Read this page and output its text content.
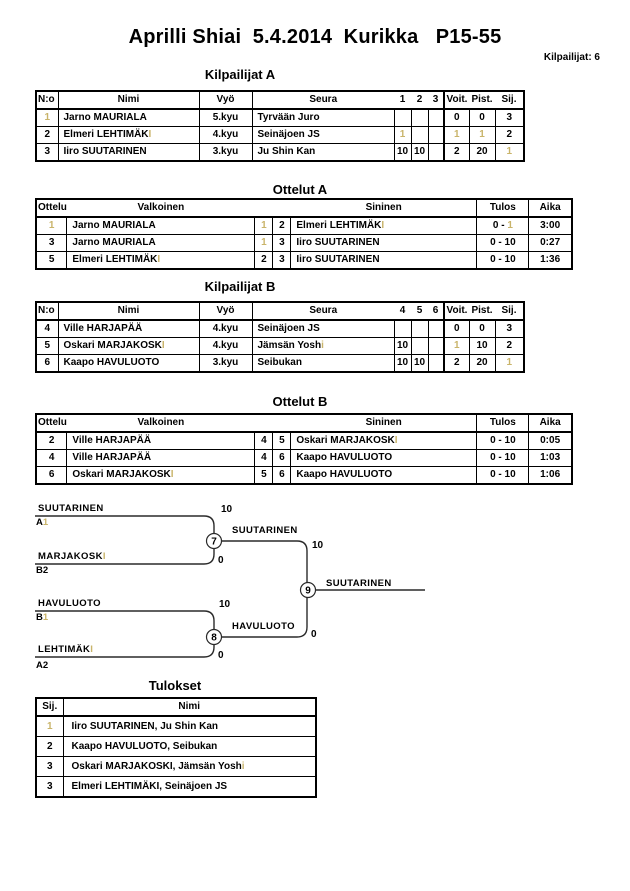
Aprilli Shiai  5.4.2014  Kurikka   P15-55
Kilpailijat: 6
Kilpailijat A
N:o	Nimi	Vyö	Seura	1	2	3	Voit.	Pist.	Sij.
1	Jarno MAURIALA	5.kyu	Tyrvään Juro				0	0	3
2	Elmeri LEHTIMÄKI	4.kyu	Seinäjoen JS	1			1	1	2
3	Iiro SUUTARINEN	3.kyu	Ju Shin Kan	10	10		2	20	1
Ottelut A
Ottelu	Valkoinen			Sininen	Tulos	Aika
1	Jarno MAURIALA	1	2	Elmeri LEHTIMÄKI	0 - 1	3:00
3	Jarno MAURIALA	1	3	Iiro SUUTARINEN	0 - 10	0:27
5	Elmeri LEHTIMÄKI	2	3	Iiro SUUTARINEN	0 - 10	1:36
Kilpailijat B
N:o	Nimi	Vyö	Seura	4	5	6	Voit.	Pist.	Sij.
4	Ville HARJAPÄÄ	4.kyu	Seinäjoen JS				0	0	3
5	Oskari MARJAKOSKI	4.kyu	Jämsän Yoshi	10			1	10	2
6	Kaapo HAVULUOTO	3.kyu	Seibukan	10	10		2	20	1
Ottelut B
Ottelu	Valkoinen			Sininen	Tulos	Aika
2	Ville HARJAPÄÄ	4	5	Oskari MARJAKOSKI	0 - 10	0:05
4	Ville HARJAPÄÄ	4	6	Kaapo HAVULUOTO	0 - 10	1:03
6	Oskari MARJAKOSKI	5	6	Kaapo HAVULUOTO	0 - 10	1:06
7
8
9
SUUTARINEN
A1
10
MARJAKOSKI
B2
0
SUUTARINEN
10
HAVULUOTO
B1
10
LEHTIMÄKI
A2
0
HAVULUOTO
0
SUUTARINEN
Tulokset
Sij.	Nimi
1	Iiro SUUTARINEN, Ju Shin Kan
2	Kaapo HAVULUOTO, Seibukan
3	Oskari MARJAKOSKI, Jämsän Yoshi
3	Elmeri LEHTIMÄKI, Seinäjoen JS
